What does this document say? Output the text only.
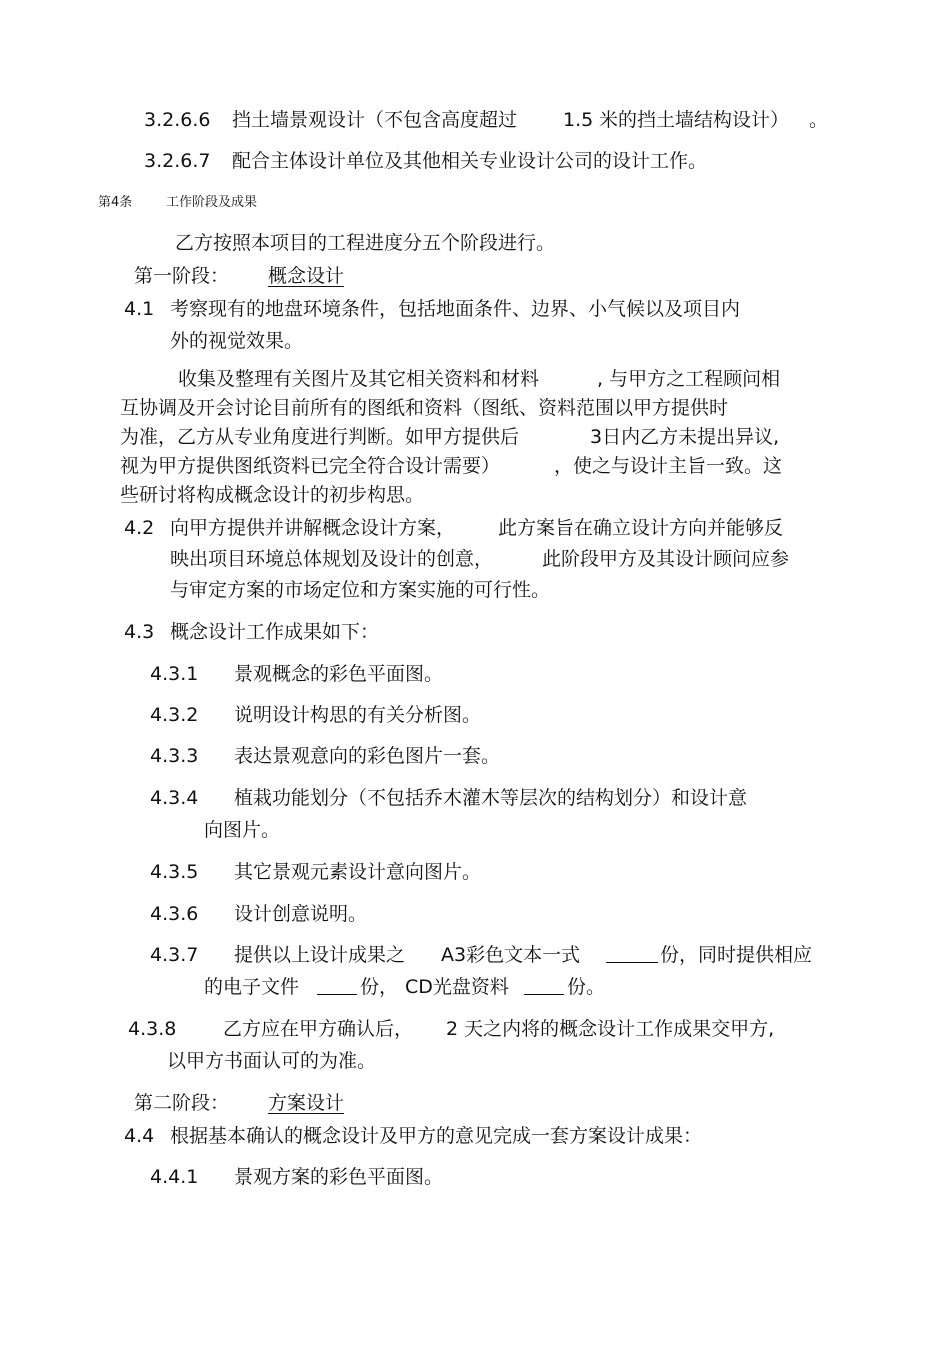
3.2.6.6 挡土墙景观设计（不包含高度超过 1.5 米的挡土墙结构设计） 。
3.2.6.7 配合主体设计单位及其他相关专业设计公司的设计工作。
第4条	工作阶段及成果
乙方按照本项目的工程进度分五个阶段进行。
第一阶段： 概念设计
4.1 考察现有的地盘环境条件，包括地面条件、边界、小气候以及项目内
外的视觉效果。
收集及整理有关图片及其它相关资料和材料	, 与甲方之工程顾问相
互协调及开会讨论目前所有的图纸和资料（图纸、资料范围以甲方提供时
为准，乙方从专业角度进行判断。如甲方提供后	3日内乙方未提出异议,
视为甲方提供图纸资料已完全符合设计需要）	，使之与设计主旨一致。这
些研讨将构成概念设计的初步构思。
4.2 向甲方提供并讲解概念设计方案， 此方案旨在确立设计方向并能够反
映出项目环境总体规划及设计的创意，	此阶段甲方及其设计顾问应参
与审定方案的市场定位和方案实施的可行性。
4.3 概念设计工作成果如下：
4.3.1 景观概念的彩色平面图。
4.3.2 说明设计构思的有关分析图。
4.3.3 表达景观意向的彩色图片一套。
4.3.4 植栽功能划分（不包括乔木灌木等层次的结构划分）和设计意
向图片。
4.3.5 其它景观元素设计意向图片。
4.3.6 设计创意说明。
4.3.7 提供以上设计成果之 A3彩色文本一式	份，同时提供相应
的电子文件	份， CD光盘资料	份。
4.3.8 乙方应在甲方确认后， 2 天之内将的概念设计工作成果交甲方,
以甲方书面认可的为准。
第二阶段： 方案设计
4.4 根据基本确认的概念设计及甲方的意见完成一套方案设计成果：
4.4.1 景观方案的彩色平面图。
